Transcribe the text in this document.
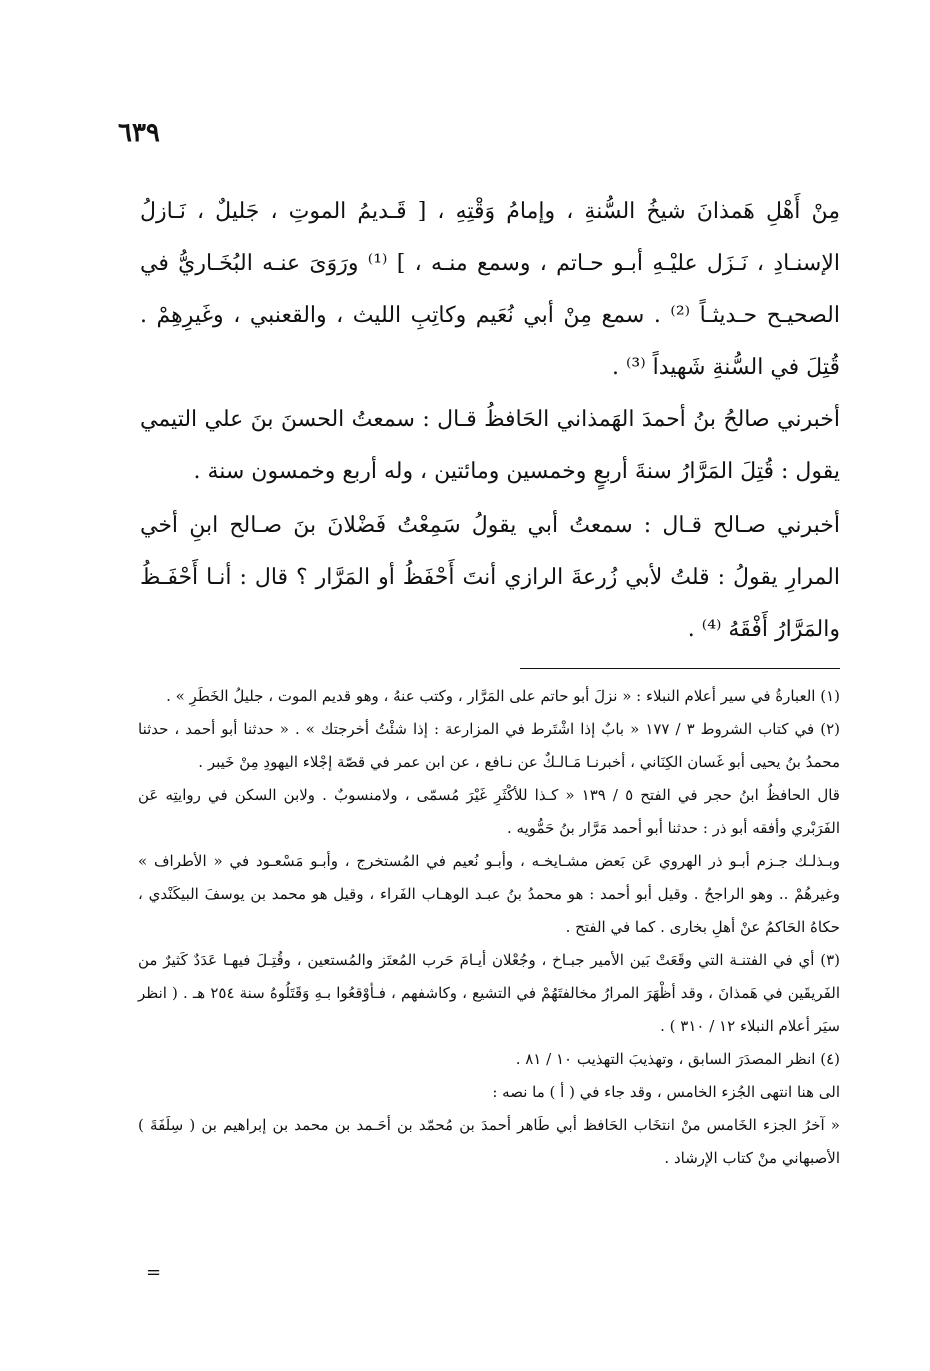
٦٣٩

مِنْ أَهْلِ هَمذانَ شيخُ السُّنةِ ، وإمامُ وَقْتِهِ ، [ قَـديمُ الموتِ ، جَليلٌ ، نَـازلُ الإسنـادِ ، نَـزَل عليْـهِ أبـو حـاتم ، وسمع منـه ، ] ⁽¹⁾ ورَوَىَ عنـه البُخَـاريُّ في الصحيـح حـديثـاً ⁽²⁾ . سمع مِنْ أبي نُعَيم وكاتِبِ الليث ، والقعنبي ، وغَيرِهِمْ . قُتِلَ في السُّنةِ شَهيداً ⁽³⁾ .

أخبرني صالحُ بنُ أحمدَ الهَمذاني الحَافظُ قـال : سمعتُ الحسنَ بنَ علي التيمي يقول : قُتِلَ المَرَّارُ سنةَ أربعٍ وخمسين ومائتين ، وله أربع وخمسون سنة .

أخبرني صـالح قـال : سمعتُ أبي يقولُ سَمِعْتُ فَضْلانَ بنَ صـالح ابنِ أخي المرارِ يقولُ : قلتُ لأبي زُرعةَ الرازي أنتَ أَحْفَظُ أو المَرَّار ؟ قال : أنـا أَحْفَـظُ والمَرَّارُ أَفْقَهُ ⁽⁴⁾ .

(١) العبارةُ في سير أعلام النبلاء : « نزلَ أبو حاتم على المَرَّار ، وكتب عنهُ ، وهو قديم الموت ، جليلُ الخَطَرِ » .

(٢) في كتاب الشروط ٣ / ١٧٧ « بابٌ إذا اشْتَرط في المزارعة : إذا شئْتُ أخرجتك » . « حدثنا أبو أحمد ، حدثنا محمدُ بنُ يحيى أبو غَسان الكِنَاني ، أخبرنـا مَـالـكٌ عن نـافع ، عن ابن عمر في قصّة إجْلاء اليهودِ مِنْ خَيبر .

قال الحافظُ ابنُ حجر في الفتح ٥ / ١٣٩ « كـذا للأكْثَرِ غَيْرَ مُسمّى ، ولامنسوبٌ . ولابن السكن في روايتِه عَن الفَرَبْري وأفقه أبو ذر : حدثنا أبو أحمد مَرَّار بنُ حَمُّويه .

وبـذلـك جـزم أبـو ذر الهروي عَن بَعض مشـايخـه ، وأبـو نُعيم في المُستخرج ، وأبـو مَسْعـود في « الأطراف » وغيرهُمْ .. وهو الراجحُ . وقيل أبو أحمد : هو محمدُ بنُ عبـد الوهـاب الفَراء ، وقيل هو محمد بن يوسفَ البيكَنْدي ، حكاهُ الحَاكمُ عنْ أهلِ بخارى . كما في الفتح .

(٣) أي في الفتنـة التي وقَعَتْ بَين الأمير جبـاخ ، وجُعْلان أيـامَ حَرب المُعتَز والمُستعين ، وقُتِـلَ فيهـا عَدَدٌ كَثيرٌ من الفَريقَين في هَمذانَ ، وقد أظْهَرَ المرارُ مخالفتَهُمْ في التشيع ، وكاشفهم ، فـأوْقعُوا بـهِ وَقَتَلُوهُ سنة ٢٥٤ هـ . ( انظر سيَر أعلام النبلاء ١٢ / ٣١٠ ) .

(٤) انظر المصدَرَ السابق ، وتهذيبَ التهذيب ١٠ / ٨١ .

الى هنا انتهى الجُزء الخامس ، وقد جاء في ( أ ) ما نصه :

« آخرُ الجزء الخَامس منْ انتخَاب الحَافظ أبي طَاهر أحمدَ بن مُحمّد بن أحَـمد بن محمد بن إبراهيم بن ( سِلَفَةَ ) الأصبهاني منْ كتاب الإرشاد .

=
